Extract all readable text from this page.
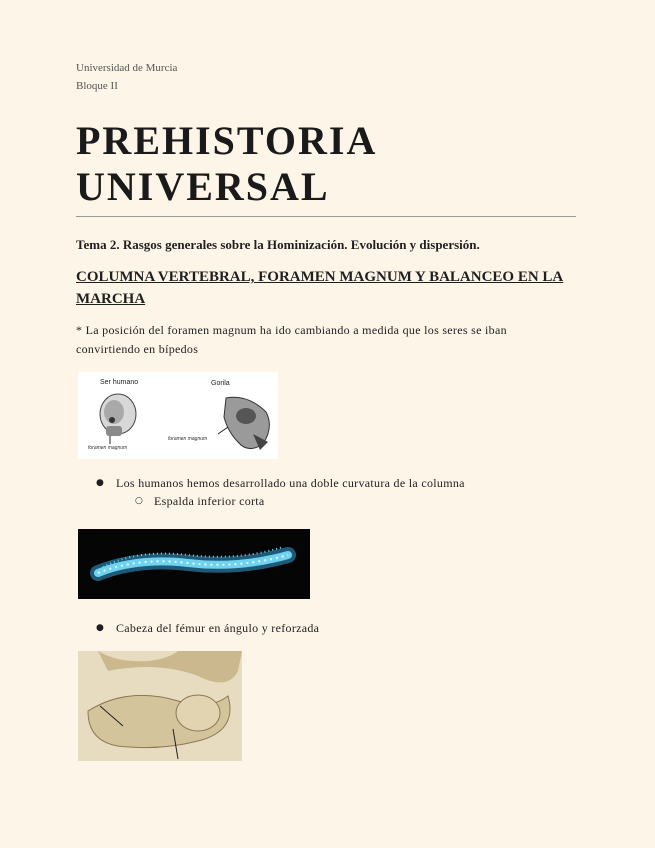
Universidad de Murcia
Bloque II
PREHISTORIA
UNIVERSAL
Tema 2. Rasgos generales sobre la Hominización. Evolución y dispersión.
COLUMNA VERTEBRAL, FORAMEN MAGNUM Y BALANCEO EN LA MARCHA
* La posición del foramen magnum ha ido cambiando a medida que los seres se iban convirtiendo en bípedos
Ser humano	Gorila
foramen magnum
foramen magnum
● Los humanos hemos desarrollado una doble curvatura de la columna
○ Espalda inferior corta
● Cabeza del fémur en ángulo y reforzada
